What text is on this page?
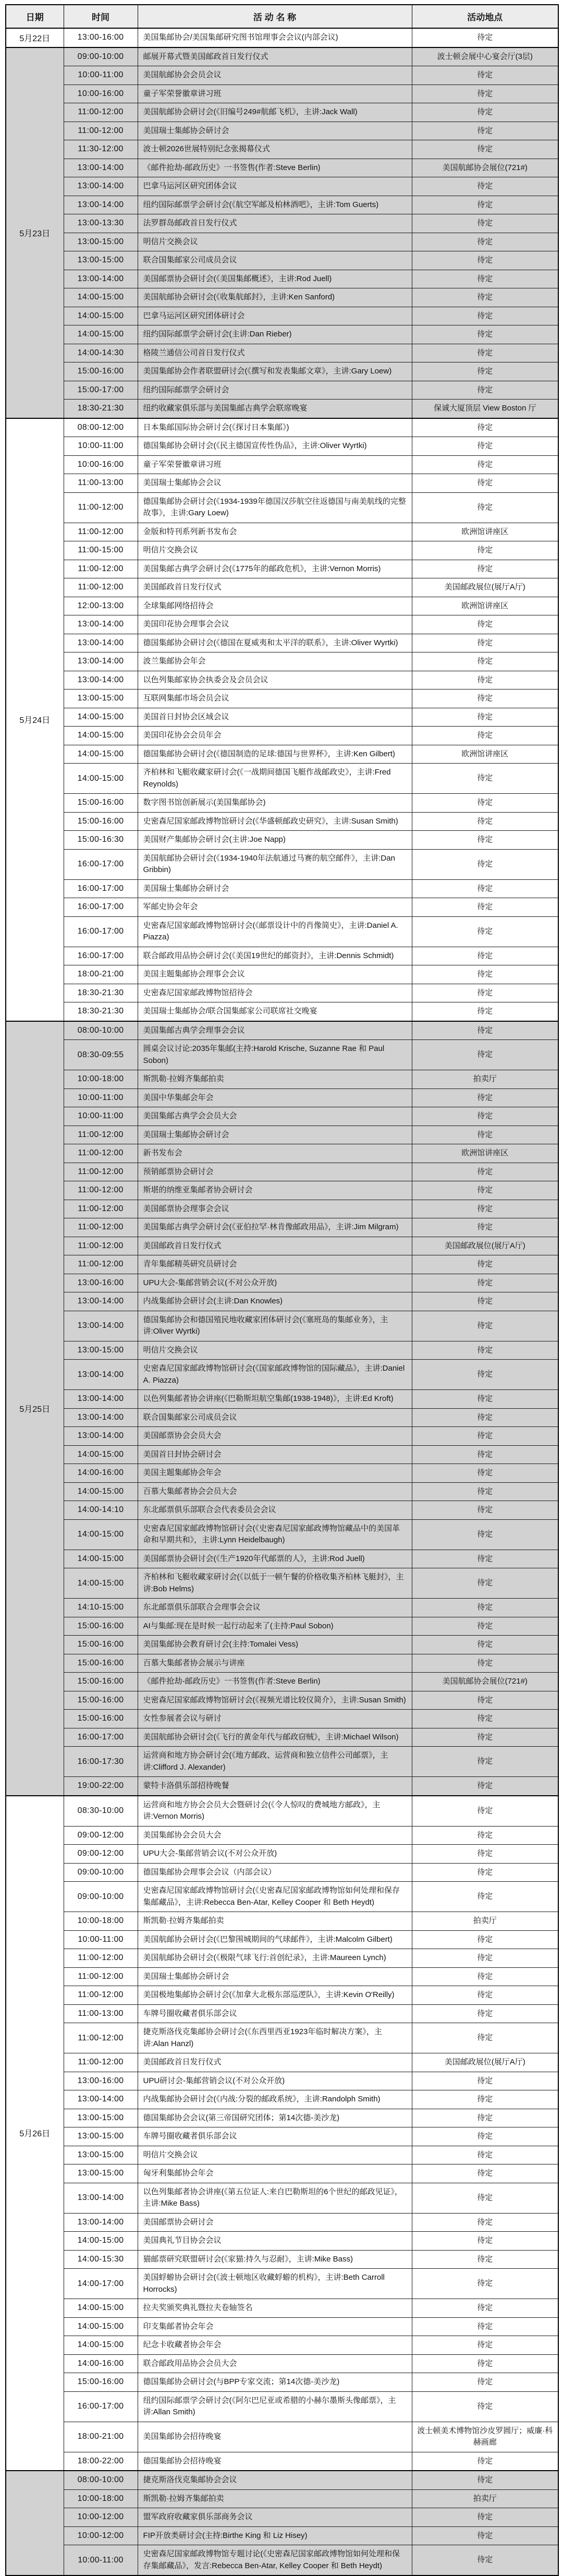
日期	时间	活 动 名 称	活动地点
5月22日	13:00-16:00	美国集邮协会/美国集邮研究图书馆理事会会议(内部会议)	待定
5月23日	09:00-10:00	邮展开幕式暨美国邮政首日发行仪式	波士顿会展中心宴会厅(3层)
	10:00-11:00	美国航邮协会会员会议	待定
	10:00-16:00	童子军荣誉徽章讲习班	待定
	11:00-12:00	美国航邮协会研讨会(《旧编号249#航邮飞机》，主讲:Jack Wall)	待定
	11:00-12:00	美国瑞士集邮协会研讨会	待定
	11:30-12:00	波士顿2026世展特别纪念张揭幕仪式	待定
	13:00-14:00	《邮件抢劫-邮政历史》一书签售(作者:Steve Berlin)	美国航邮协会展位(721#)
	13:00-14:00	巴拿马运河区研究团体会议	待定
	13:00-14:00	纽约国际邮票学会研讨会(《航空军邮及柏林酒吧》，主讲:Tom Guerts)	待定
	13:00-13:30	法罗群岛邮政首日发行仪式	待定
	13:00-15:00	明信片交换会议	待定
	13:00-15:00	联合国集邮家公司成员会议	待定
	13:00-14:00	美国邮票协会研讨会(《美国集邮概述》，主讲:Rod Juell)	待定
	14:00-15:00	美国航邮协会研讨会(《收集航邮封》，主讲:Ken Sanford)	待定
	14:00-15:00	巴拿马运河区研究团体研讨会	待定
	14:00-15:00	纽约国际邮票学会研讨会(主讲:Dan Rieber)	待定
	14:00-14:30	格陵兰通信公司首日发行仪式	待定
	15:00-16:00	美国集邮协会作者联盟研讨会(《撰写和发表集邮文章》，主讲:Gary Loew)	待定
	15:00-17:00	纽约国际邮票学会研讨会	待定
	18:30-21:30	纽约收藏家俱乐部与美国集邮古典学会联席晚宴	保诚大厦顶层 View Boston 厅
5月24日	08:00-12:00	日本集邮国际协会研讨会(《探讨日本集邮》)	待定
	10:00-11:00	德国集邮协会研讨会(《民主德国宣传性伪品》，主讲:Oliver Wyrtki)	待定
	10:00-16:00	童子军荣誉徽章讲习班	待定
	11:00-13:00	美国瑞士集邮协会会议	待定
	11:00-12:00	德国集邮协会研讨会(《1934-1939年德国汉莎航空往返德国与南美航线的完整故事》，主讲:Gary Loew)	待定
	11:00-12:00	金版和特刊系列新书发布会	欧洲馆讲座区
	11:00-15:00	明信片交换会议	待定
	11:00-12:00	美国集邮古典学会研讨会(《1775年的邮政危机》，主讲:Vernon Morris)	待定
	11:00-12:00	美国邮政首日发行仪式	美国邮政展位(展厅A厅)
	12:00-13:00	全球集邮网络招待会	欧洲馆讲座区
	13:00-14:00	美国印花协会理事会会议	待定
	13:00-14:00	德国集邮协会研讨会(《德国在夏威夷和太平洋的联系》，主讲:Oliver Wyrtki)	待定
	13:00-14:00	波兰集邮协会年会	待定
	13:00-14:00	以色列集邮家协会执委会及会员会议	待定
	13:00-15:00	互联网集邮市场会员会议	待定
	14:00-15:00	美国首日封协会区域会议	待定
	14:00-15:00	美国印花协会会员年会	待定
	14:00-15:00	德国集邮协会研讨会(《德国制造的足球:德国与世界杯》，主讲:Ken Gilbert)	欧洲馆讲座区
	14:00-15:00	齐柏林和飞艇收藏家研讨会(《一战期间德国飞艇作战邮政史》，主讲:Fred Reynolds)	待定
	15:00-16:00	数字图书馆创新展示(美国集邮协会)	待定
	15:00-16:00	史密森尼国家邮政博物馆研讨会(《华盛顿邮政史研究》，主讲:Susan Smith)	待定
	15:00-16:30	美国财产集邮协会研讨会(主讲:Joe Napp)	待定
	16:00-17:00	美国航邮协会研讨会(《1934-1940年法航通过马赛的航空邮件》，主讲:Dan Gribbin)	待定
	16:00-17:00	美国瑞士集邮协会研讨会	待定
	16:00-17:00	军邮史协会年会	待定
	16:00-17:00	史密森尼国家邮政博物馆研讨会(《邮票设计中的肖像简史》，主讲:Daniel A. Piazza)	待定
	16:00-17:00	联合邮政用品协会研讨会(《美国19世纪的邮资封》，主讲:Dennis Schmidt)	待定
	18:00-21:00	美国主题集邮协会理事会会议	待定
	18:30-21:30	史密森尼国家邮政博物馆招待会	待定
	18:30-21:30	美国瑞士集邮协会/联合国集邮家公司联席社交晚宴	待定
5月25日	08:00-10:00	美国集邮古典学会理事会会议	待定
	08:30-09:55	圆桌会议讨论:2035年集邮(主持:Harold Krische, Suzanne Rae 和 Paul Sobon)	待定
	10:00-18:00	斯凯勒·拉姆齐集邮拍卖	拍卖厅
	10:00-11:00	美国中华集邮会年会	待定
	10:00-11:00	美国集邮古典学会会员大会	待定
	11:00-12:00	美国瑞士集邮协会研讨会	待定
	11:00-12:00	新书发布会	欧洲馆讲座区
	11:00-12:00	预销邮票协会研讨会	待定
	11:00-12:00	斯堪的纳维亚集邮者协会研讨会	待定
	11:00-12:00	美国邮票协会理事会会议	待定
	11:00-12:00	美国集邮古典学会研讨会(《亚伯拉罕·林肯像邮政用品》，主讲:Jim Milgram)	待定
	11:00-12:00	美国邮政首日发行仪式	美国邮政展位(展厅A厅)
	11:00-12:00	青年集邮精英研究员研讨会	待定
	13:00-16:00	UPU大会-集邮营销会议(不对公众开放)	待定
	13:00-14:00	内战集邮协会研讨会(主讲:Dan Knowles)	待定
	13:00-14:00	德国集邮协会和德国殖民地收藏家团体研讨会(《塞班岛的集邮业务》，主讲:Oliver Wyrtki)	待定
	13:00-15:00	明信片交换会议	待定
	13:00-14:00	史密森尼国家邮政博物馆研讨会(《国家邮政博物馆的国际藏品》，主讲:Daniel A. Piazza)	待定
	13:00-14:00	以色列集邮者协会讲座(《巴勒斯坦航空集邮(1938-1948)》，主讲:Ed Kroft)	待定
	13:00-14:00	联合国集邮家公司成员会议	待定
	13:00-14:00	美国邮票协会会员大会	待定
	14:00-15:00	美国首日封协会研讨会	待定
	14:00-16:00	美国主题集邮协会年会	待定
	14:00-15:00	百慕大集邮者协会会员大会	待定
	14:00-14:10	东北邮票俱乐部联合会代表委员会会议	待定
	14:00-15:00	史密森尼国家邮政博物馆研讨会(《史密森尼国家邮政博物馆藏品中的美国革命和早期共和》，主讲:Lynn Heidelbaugh)	待定
	14:00-15:00	美国邮票协会研讨会(《生产1920年代邮票的人》，主讲:Rod Juell)	待定
	14:00-15:00	齐柏林和飞艇收藏家研讨会(《以低于一顿午餐的价格收集齐柏林飞艇封》，主讲:Bob Helms)	待定
	14:10-15:00	东北邮票俱乐部联合会理事会会议	待定
	15:00-16:00	AI与集邮:现在是时候一起行动起来了(主持:Paul Sobon)	待定
	15:00-16:00	美国集邮协会教育研讨会(主持:Tomalei Vess)	待定
	15:00-16:00	百慕大集邮者协会展示与讲座	待定
	15:00-16:00	《邮件抢劫-邮政历史》一书签售(作者:Steve Berlin)	美国航邮协会展位(721#)
	15:00-16:00	史密森尼国家邮政博物馆研讨会(《视频光谱比较仪简介》，主讲:Susan Smith)	待定
	15:00-16:00	女性参展者会议与研讨	待定
	16:00-17:00	美国航邮协会研讨会(《飞行的黄金年代与邮政窃贼》，主讲:Michael Wilson)	待定
	16:00-17:30	运营商和地方协会研讨会(《地方邮政、运营商和独立信件公司邮票》，主讲:Clifford J. Alexander)	待定
	19:00-22:00	蒙特卡洛俱乐部招待晚餐	待定
5月26日	08:30-10:00	运营商和地方协会会员大会暨研讨会(《令人惊叹的费城地方邮政》，主讲:Vernon Morris)	待定
	09:00-12:00	美国集邮协会会员大会	待定
	09:00-12:00	UPU大会-集邮营销会议(不对公众开放)	待定
	09:00-10:00	德国集邮协会理事会会议（内部会议）	待定
	09:00-10:00	史密森尼国家邮政博物馆研讨会(《史密森尼国家邮政博物馆如何处理和保存集邮藏品》，主讲:Rebecca Ben-Atar, Kelley Cooper 和 Beth Heydt)	待定
	10:00-18:00	斯凯勒·拉姆齐集邮拍卖	拍卖厅
	10:00-11:00	美国航邮协会研讨会(《巴黎围城期间的气球邮件》，主讲:Malcolm Gilbert)	待定
	11:00-12:00	美国航邮协会研讨会(《极限气球飞行:首创纪录》，主讲:Maureen Lynch)	待定
	11:00-12:00	美国瑞士集邮协会研讨会	待定
	11:00-12:00	美国极地集邮协会研讨会(《加拿大北极东部巡逻队》，主讲:Kevin O'Reilly)	待定
	11:00-13:00	车牌号圈收藏者俱乐部会议	待定
	11:00-12:00	捷克斯洛伐克集邮协会研讨会(《东西里西亚1923年临时解决方案》，主讲:Alan Hanzl)	待定
	11:00-12:00	美国邮政首日发行仪式	美国邮政展位(展厅A厅)
	13:00-16:00	UPU研讨会-集邮营销会议(不对公众开放)	待定
	13:00-14:00	内战集邮协会研讨会(《内战:分裂的邮政系统》，主讲:Randolph Smith)	待定
	13:00-15:00	德国集邮协会会议(第三帝国研究团体；第14次德-美沙龙)	待定
	13:00-15:00	车牌号圈收藏者俱乐部会议	待定
	13:00-15:00	明信片交换会议	待定
	13:00-15:00	匈牙利集邮协会年会	待定
	13:00-14:00	以色列集邮者协会讲座(《第五位证人:来自巴勒斯坦的6个世纪的邮政见证》，主讲:Mike Bass)	待定
	13:00-14:00	美国邮票协会研讨会	待定
	14:00-15:00	美国典礼节目协会会议	待定
	14:00-15:30	猫邮票研究联盟研讨会(《家猫:持久与忍耐》，主讲:Mike Bass)	待定
	14:00-17:00	美国蜉蝣协会研讨会(《波士顿地区收藏蜉蝣的机构》，主讲:Beth Carroll Horrocks)	待定
	14:00-15:00	拉夫奖颁奖典礼暨拉夫卷轴签名	待定
	14:00-15:00	印支集邮者协会年会	待定
	14:00-15:00	纪念卡收藏者协会年会	待定
	14:00-16:00	联合邮政用品协会会员大会	待定
	15:00-16:00	德国集邮协会研讨会(与BPP专家交流；第14次德-美沙龙)	待定
	16:00-17:00	纽约国际邮票学会研讨会(《阿尔巴尼亚或希腊的小赫尔墨斯头像邮票》，主讲:Allan Smith)	待定
	18:00-21:00	美国集邮协会招待晚宴	波士顿美术博物馆沙皮罗圆厅；威廉·科赫画廊
	18:00-22:00	德国集邮协会招待晚宴	待定
	08:00-10:00	捷克斯洛伐克集邮协会会议	待定
	10:00-18:00	斯凯勒·拉姆齐集邮拍卖	拍卖厅
	10:00-12:00	盟军政府收藏家俱乐部商务会议	待定
	10:00-12:00	FIP开放类研讨会(主持:Birthe King 和 Liz Hisey)	待定
	10:00-11:00	史密森尼国家邮政博物馆专题讨论(《史密森尼国家邮政博物馆如何处理和保存集邮藏品》，发言:Rebecca Ben-Atar, Kelley Cooper 和 Beth Heydt)	待定
